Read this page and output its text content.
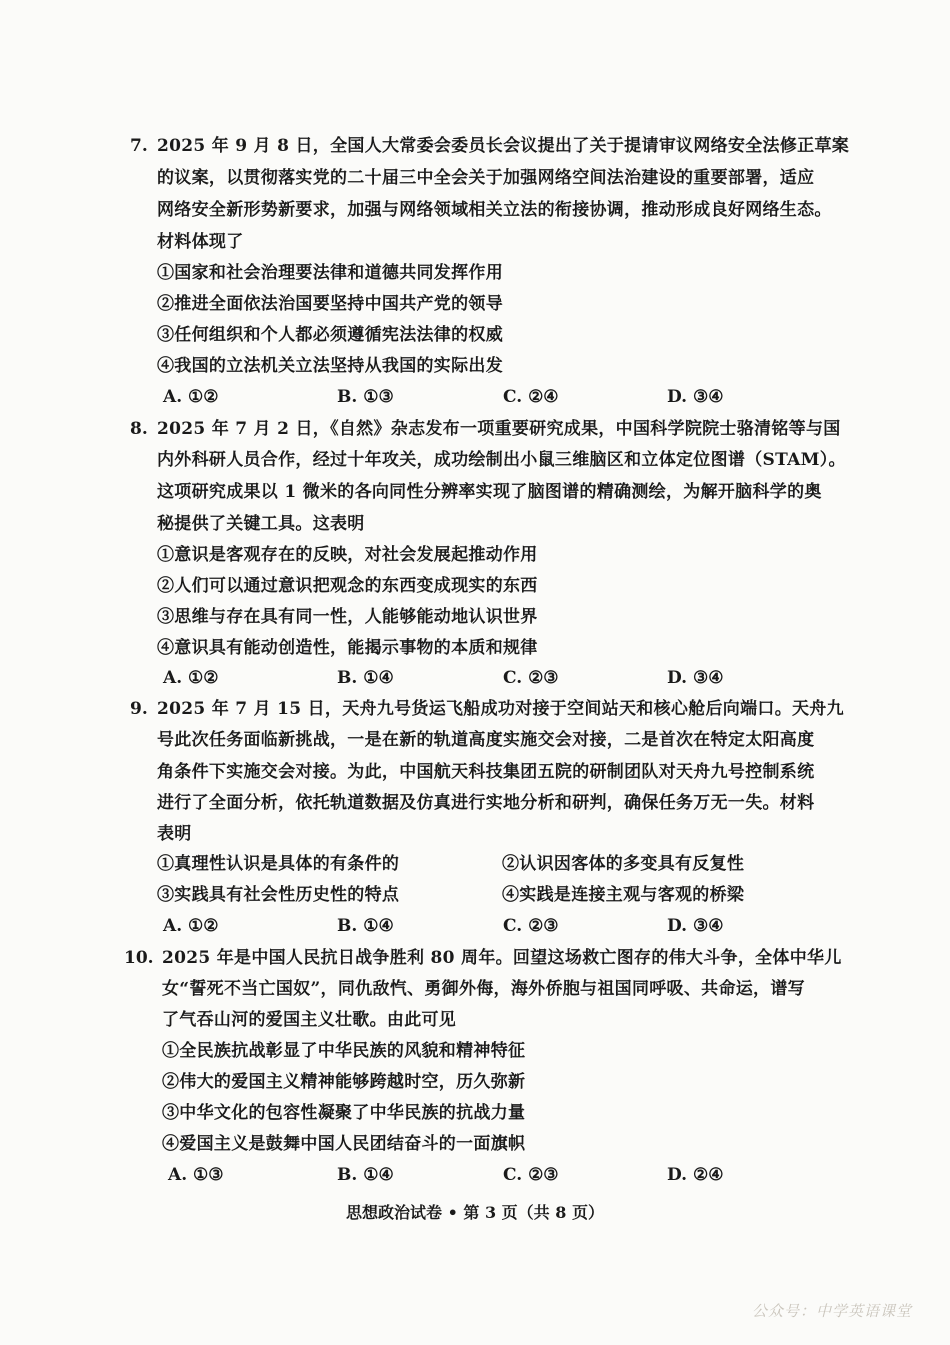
7. 2025 年 9 月 8 日，全国人大常委会委员长会议提出了关于提请审议网络安全法修正草案
的议案，以贯彻落实党的二十届三中全会关于加强网络空间法治建设的重要部署，适应
网络安全新形势新要求，加强与网络领域相关立法的衔接协调，推动形成良好网络生态。
材料体现了
①国家和社会治理要法律和道德共同发挥作用
②推进全面依法治国要坚持中国共产党的领导
③任何组织和个人都必须遵循宪法法律的权威
④我国的立法机关立法坚持从我国的实际出发
A. ①②	B. ①③	C. ②④	D. ③④
8. 2025 年 7 月 2 日，《自然》杂志发布一项重要研究成果，中国科学院院士骆清铭等与国
内外科研人员合作，经过十年攻关，成功绘制出小鼠三维脑区和立体定位图谱（STAM）。
这项研究成果以 1 微米的各向同性分辨率实现了脑图谱的精确测绘，为解开脑科学的奥
秘提供了关键工具。这表明
①意识是客观存在的反映，对社会发展起推动作用
②人们可以通过意识把观念的东西变成现实的东西
③思维与存在具有同一性，人能够能动地认识世界
④意识具有能动创造性，能揭示事物的本质和规律
A. ①②	B. ①④	C. ②③	D. ③④
9. 2025 年 7 月 15 日，天舟九号货运飞船成功对接于空间站天和核心舱后向端口。天舟九
号此次任务面临新挑战，一是在新的轨道高度实施交会对接，二是首次在特定太阳高度
角条件下实施交会对接。为此，中国航天科技集团五院的研制团队对天舟九号控制系统
进行了全面分析，依托轨道数据及仿真进行实地分析和研判，确保任务万无一失。材料
表明
①真理性认识是具体的有条件的	②认识因客体的多变具有反复性
③实践具有社会性历史性的特点	④实践是连接主观与客观的桥梁
A. ①②	B. ①④	C. ②③	D. ③④
10. 2025 年是中国人民抗日战争胜利 80 周年。回望这场救亡图存的伟大斗争，全体中华儿
女“誓死不当亡国奴”，同仇敌忾、勇御外侮，海外侨胞与祖国同呼吸、共命运，谱写
了气吞山河的爱国主义壮歌。由此可见
①全民族抗战彰显了中华民族的风貌和精神特征
②伟大的爱国主义精神能够跨越时空，历久弥新
③中华文化的包容性凝聚了中华民族的抗战力量
④爱国主义是鼓舞中国人民团结奋斗的一面旗帜
A. ①③	B. ①④	C. ②③	D. ②④
思想政治试卷 • 第 3 页（共 8 页）
公众号：中学英语课堂
